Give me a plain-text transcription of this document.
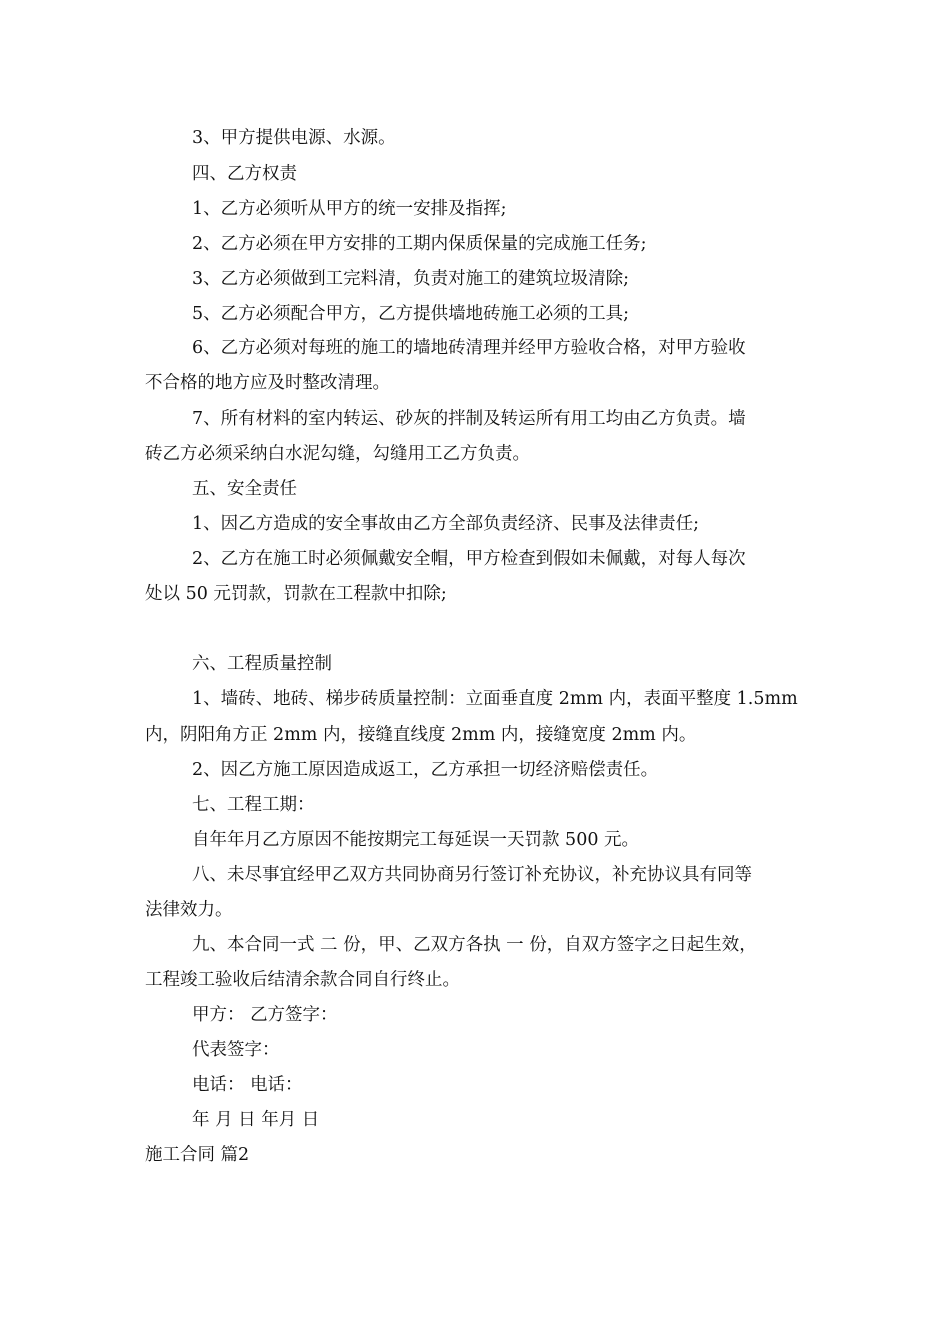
3、甲方提供电源、水源。
四、乙方权责
1、乙方必须听从甲方的统一安排及指挥;
2、乙方必须在甲方安排的工期内保质保量的完成施工任务;
3、乙方必须做到工完料清，负责对施工的建筑垃圾清除;
5、乙方必须配合甲方，乙方提供墙地砖施工必须的工具;
6、乙方必须对每班的施工的墙地砖清理并经甲方验收合格，对甲方验收
不合格的地方应及时整改清理。
7、所有材料的室内转运、砂灰的拌制及转运所有用工均由乙方负责。墙
砖乙方必须采纳白水泥勾缝，勾缝用工乙方负责。
五、安全责任
1、因乙方造成的安全事故由乙方全部负责经济、民事及法律责任;
2、乙方在施工时必须佩戴安全帽，甲方检查到假如未佩戴，对每人每次
处以 50 元罚款，罚款在工程款中扣除;
六、工程质量控制
1、墙砖、地砖、梯步砖质量控制：立面垂直度 2mm 内，表面平整度 1.5mm
内，阴阳角方正 2mm 内，接缝直线度 2mm 内，接缝宽度 2mm 内。
2、因乙方施工原因造成返工，乙方承担一切经济赔偿责任。
七、工程工期：
自年年月乙方原因不能按期完工每延误一天罚款 500 元。
八、未尽事宜经甲乙双方共同协商另行签订补充协议，补充协议具有同等
法律效力。
九、本合同一式 二 份，甲、乙双方各执 一 份，自双方签字之日起生效，
工程竣工验收后结清余款合同自行终止。
甲方： 乙方签字：
代表签字：
电话： 电话：
年 月 日 年月 日
施工合同 篇2
